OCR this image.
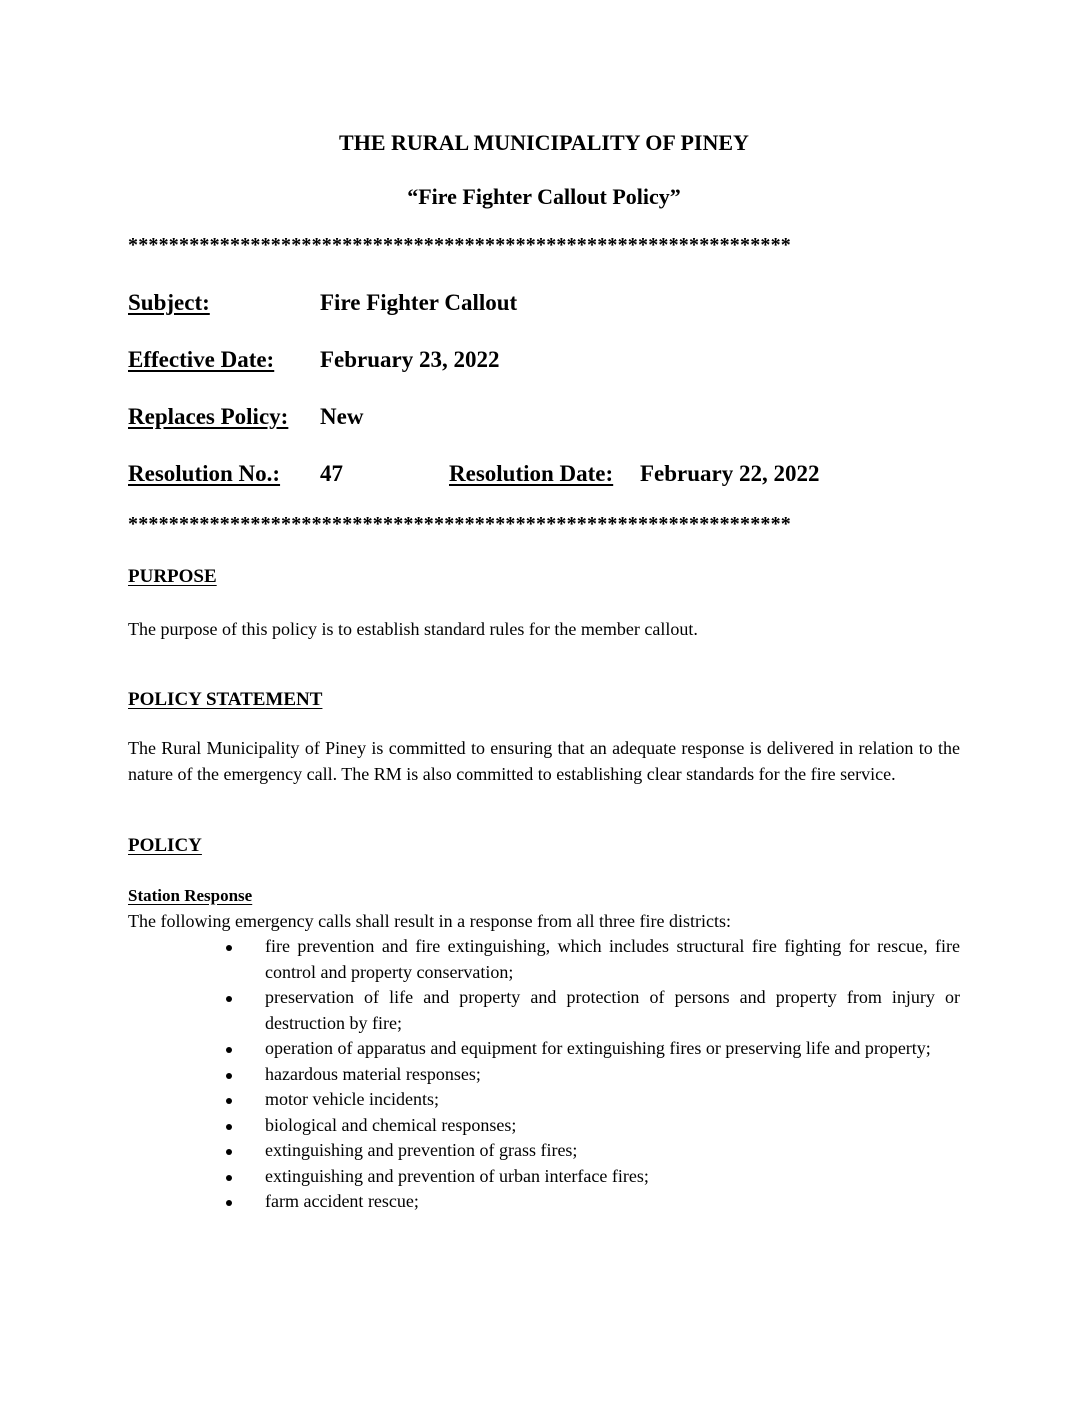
THE RURAL MUNICIPALITY OF PINEY
“Fire Fighter Callout Policy”
*****************************************************************
Subject:	Fire Fighter Callout
Effective Date: February 23, 2022
Replaces Policy: New
Resolution No.: 47	Resolution Date: February 22, 2022
*****************************************************************
PURPOSE
The purpose of this policy is to establish standard rules for the member callout.
POLICY STATEMENT
The Rural Municipality of Piney is committed to ensuring that an adequate response is delivered in relation to the nature of the emergency call. The RM is also committed to establishing clear standards for the fire service.
POLICY
Station Response
The following emergency calls shall result in a response from all three fire districts:
fire prevention and fire extinguishing, which includes structural fire fighting for rescue, fire control and property conservation;
preservation of life and property and protection of persons and property from injury or destruction by fire;
operation of apparatus and equipment for extinguishing fires or preserving life and property;
hazardous material responses;
motor vehicle incidents;
biological and chemical responses;
extinguishing and prevention of grass fires;
extinguishing and prevention of urban interface fires;
farm accident rescue;
